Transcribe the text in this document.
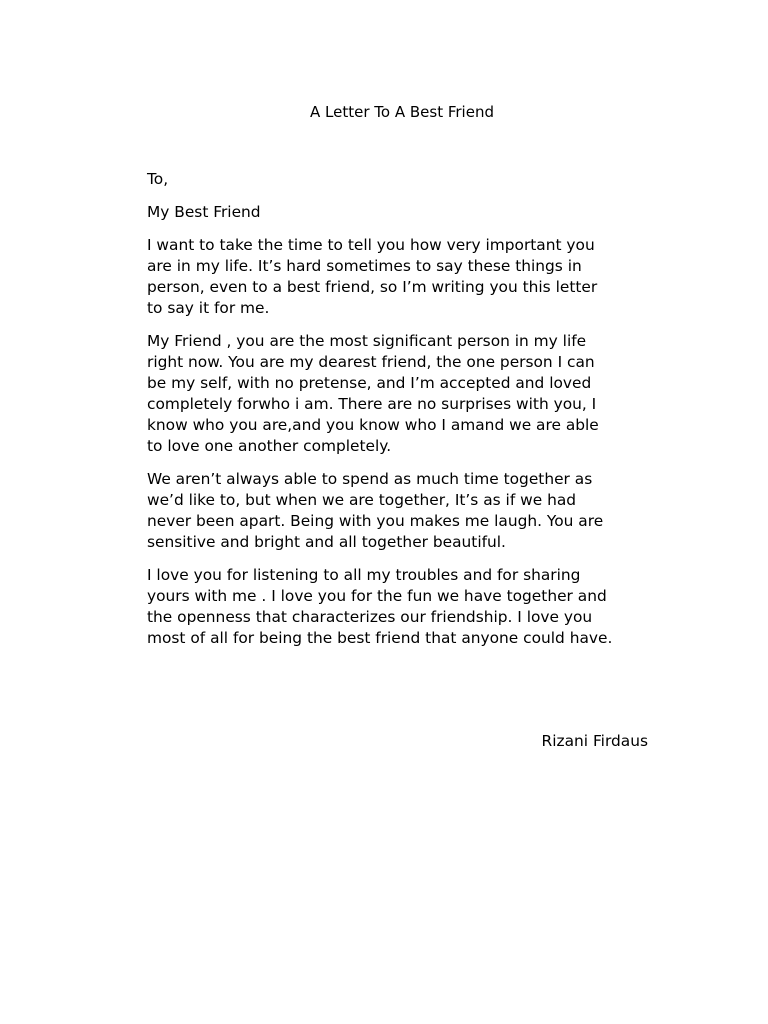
A Letter To A Best Friend

To,

My Best Friend

I want to take the time to tell you how very important you
are in my life. It’s hard sometimes to say these things in
person, even to a best friend, so I’m writing you this letter
to say it for me.

My Friend , you are the most significant person in my life
right now. You are my dearest friend, the one person I can
be my self, with no pretense, and I’m accepted and loved
completely forwho i am. There are no surprises with you, I
know who you are,and you know who I amand we are able
to love one another completely.

We aren’t always able to spend as much time together as
we’d like to, but when we are together, It’s as if we had
never been apart. Being with you makes me laugh. You are
sensitive and bright and all together beautiful.

I love you for listening to all my troubles and for sharing
yours with me . I love you for the fun we have together and
the openness that characterizes our friendship. I love you
most of all for being the best friend that anyone could have.

Rizani Firdaus
